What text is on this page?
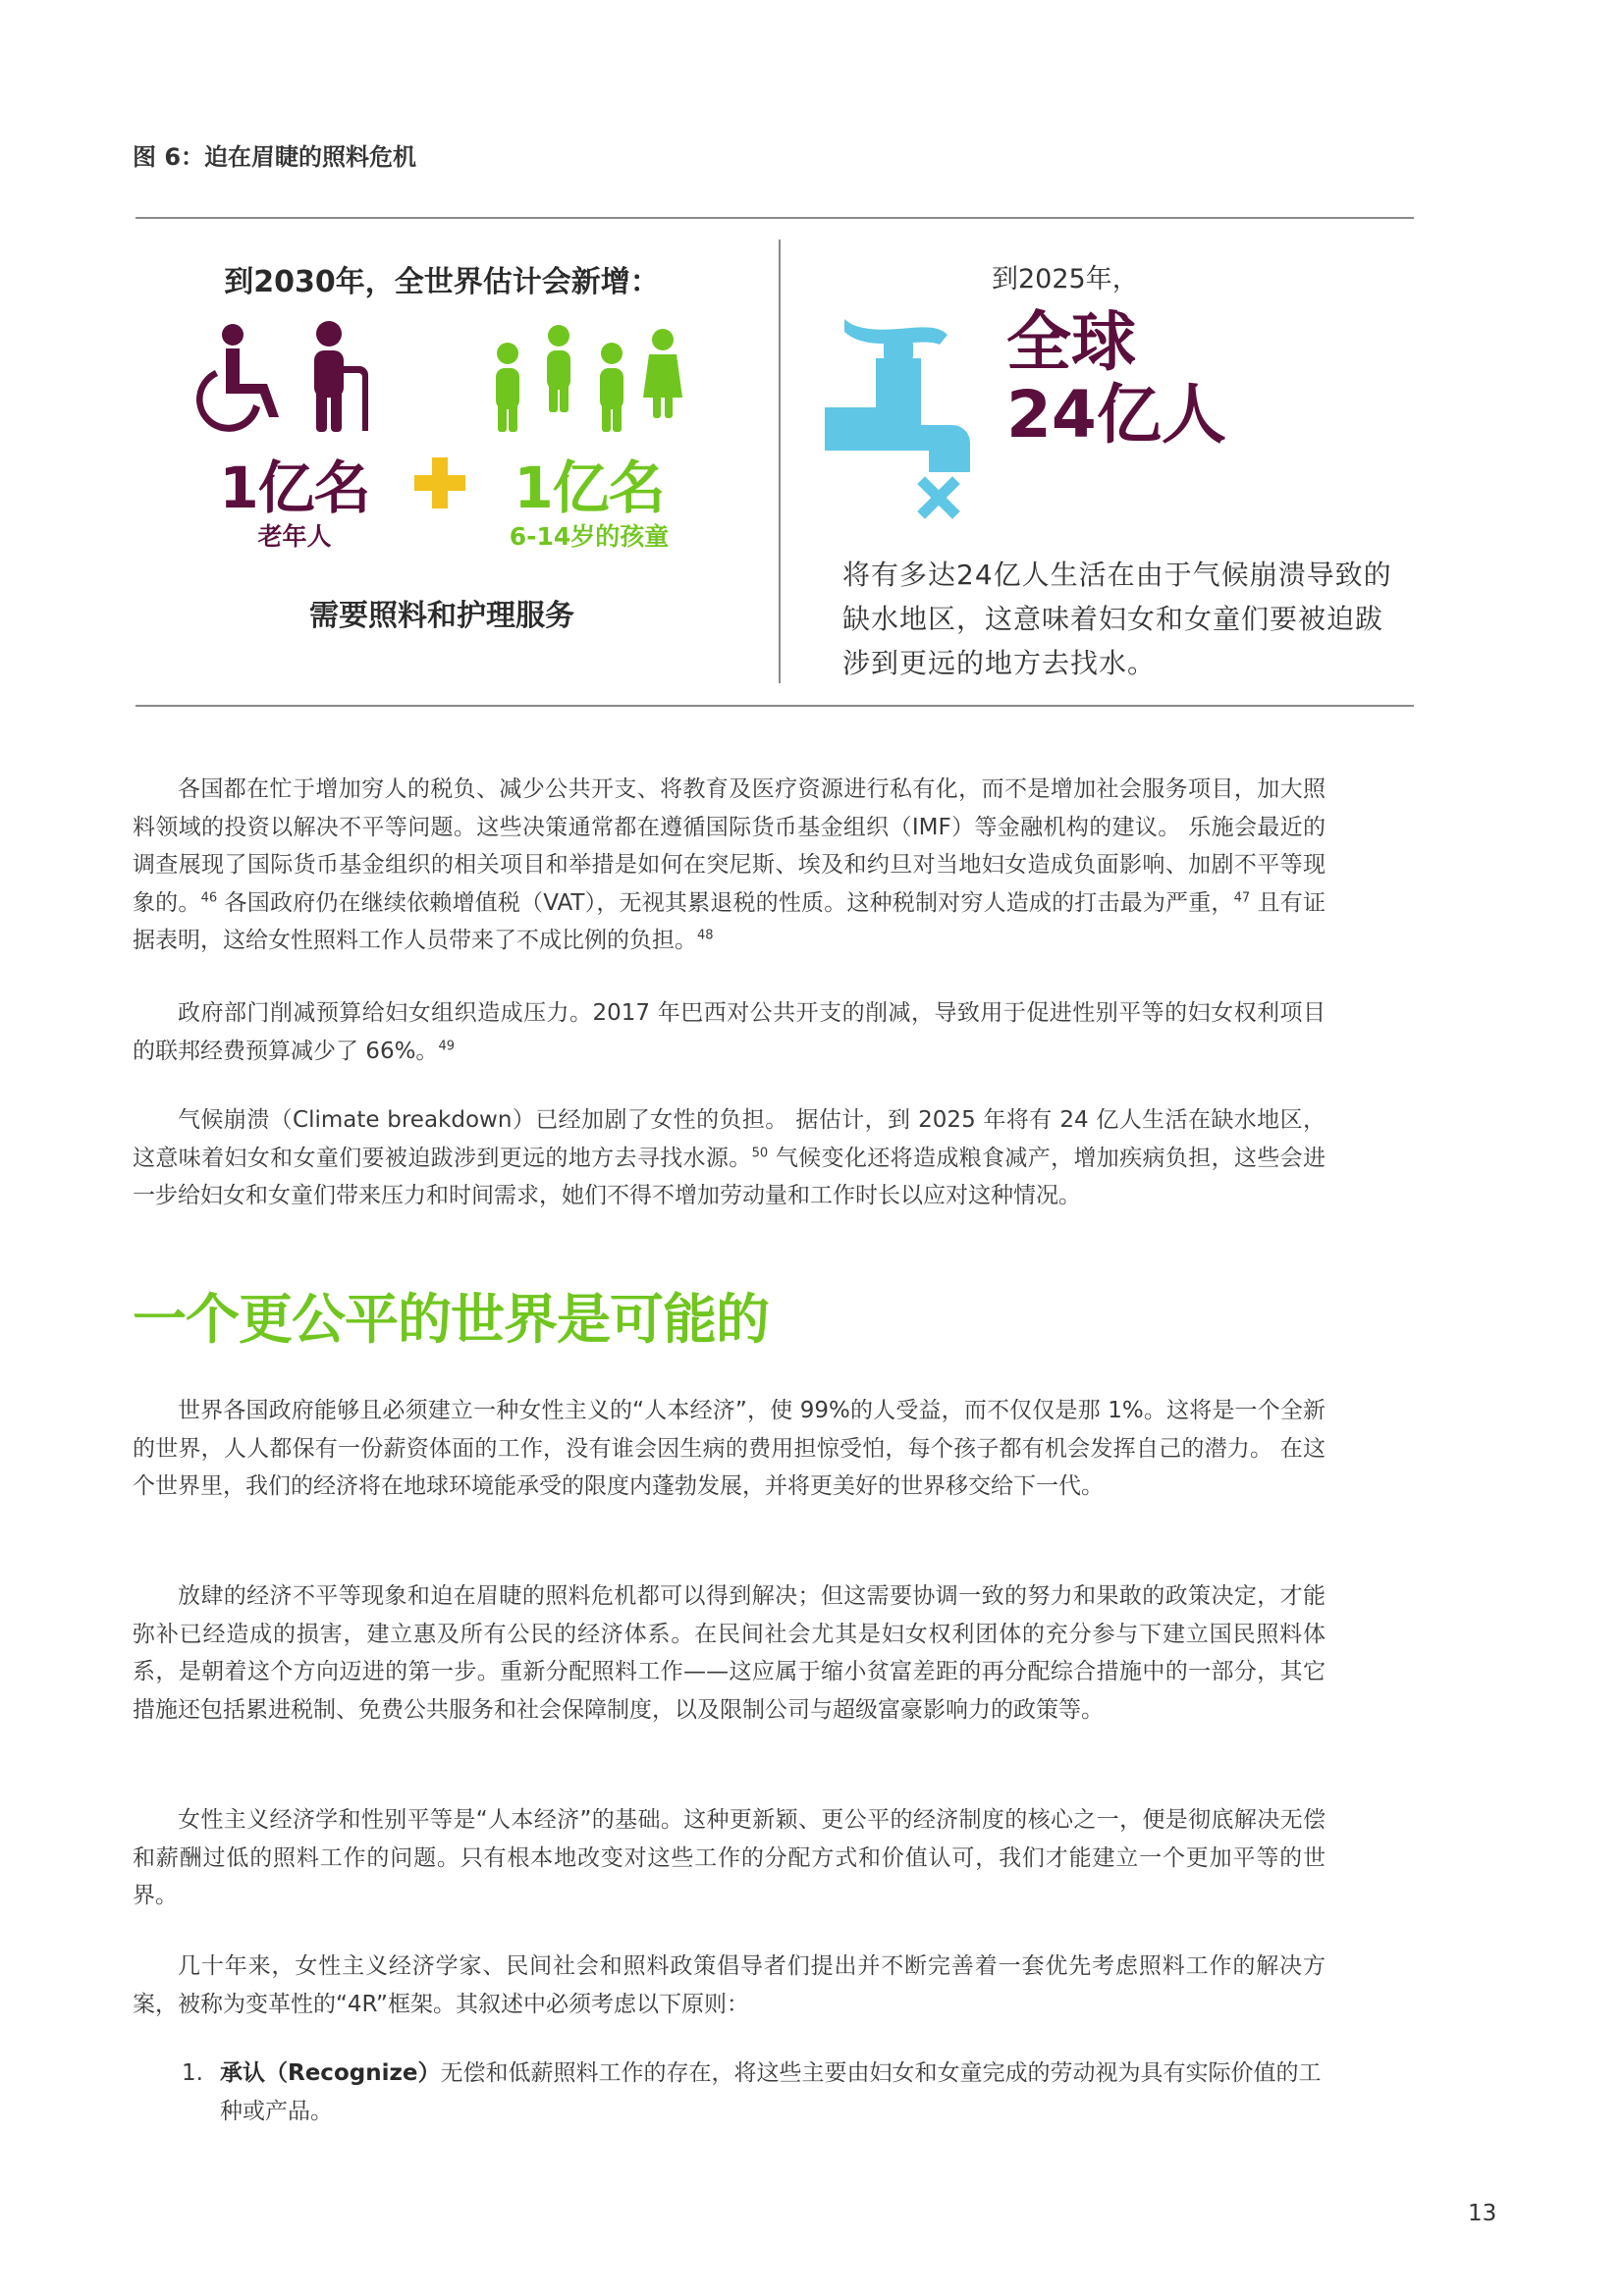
图 6：迫在眉睫的照料危机
到2030年，全世界估计会新增：
1亿名	1亿名
老年人	6-14岁的孩童
需要照料和护理服务
到2025年，
全球
24亿人
将有多达24亿人生活在由于气候崩溃导致的缺水地区，这意味着妇女和女童们要被迫跋涉到更远的地方去找水。
各国都在忙于增加穷人的税负、减少公共开支、将教育及医疗资源进行私有化，而不是增加社会服务项目，加大照料领域的投资以解决不平等问题。这些决策通常都在遵循国际货币基金组织（IMF）等金融机构的建议。 乐施会最近的调查展现了国际货币基金组织的相关项目和举措是如何在突尼斯、埃及和约旦对当地妇女造成负面影响、加剧不平等现象的。$^{46}$ 各国政府仍在继续依赖增值税（VAT），无视其累退税的性质。这种税制对穷人造成的打击最为严重，$^{47}$ 且有证据表明，这给女性照料工作人员带来了不成比例的负担。$^{48}$
政府部门削减预算给妇女组织造成压力。2017 年巴西对公共开支的削减，导致用于促进性别平等的妇女权利项目的联邦经费预算减少了 66%。$^{49}$
气候崩溃（Climate breakdown）已经加剧了女性的负担。 据估计，到 2025 年将有 24 亿人生活在缺水地区，这意味着妇女和女童们要被迫跋涉到更远的地方去寻找水源。$^{50}$ 气候变化还将造成粮食减产，增加疾病负担，这些会进一步给妇女和女童们带来压力和时间需求，她们不得不增加劳动量和工作时长以应对这种情况。
一个更公平的世界是可能的
世界各国政府能够且必须建立一种女性主义的“人本经济”，使 99%的人受益，而不仅仅是那 1%。这将是一个全新的世界，人人都保有一份薪资体面的工作，没有谁会因生病的费用担惊受怕，每个孩子都有机会发挥自己的潜力。 在这个世界里，我们的经济将在地球环境能承受的限度内蓬勃发展，并将更美好的世界移交给下一代。
放肆的经济不平等现象和迫在眉睫的照料危机都可以得到解决；但这需要协调一致的努力和果敢的政策决定，才能弥补已经造成的损害，建立惠及所有公民的经济体系。在民间社会尤其是妇女权利团体的充分参与下建立国民照料体系，是朝着这个方向迈进的第一步。重新分配照料工作——这应属于缩小贫富差距的再分配综合措施中的一部分，其它措施还包括累进税制、免费公共服务和社会保障制度，以及限制公司与超级富豪影响力的政策等。
女性主义经济学和性别平等是“人本经济”的基础。这种更新颖、更公平的经济制度的核心之一，便是彻底解决无偿和薪酬过低的照料工作的问题。只有根本地改变对这些工作的分配方式和价值认可，我们才能建立一个更加平等的世界。
几十年来，女性主义经济学家、民间社会和照料政策倡导者们提出并不断完善着一套优先考虑照料工作的解决方案，被称为变革性的“4R”框架。其叙述中必须考虑以下原则：
1. 承认（Recognize）无偿和低薪照料工作的存在，将这些主要由妇女和女童完成的劳动视为具有实际价值的工种或产品。
13
